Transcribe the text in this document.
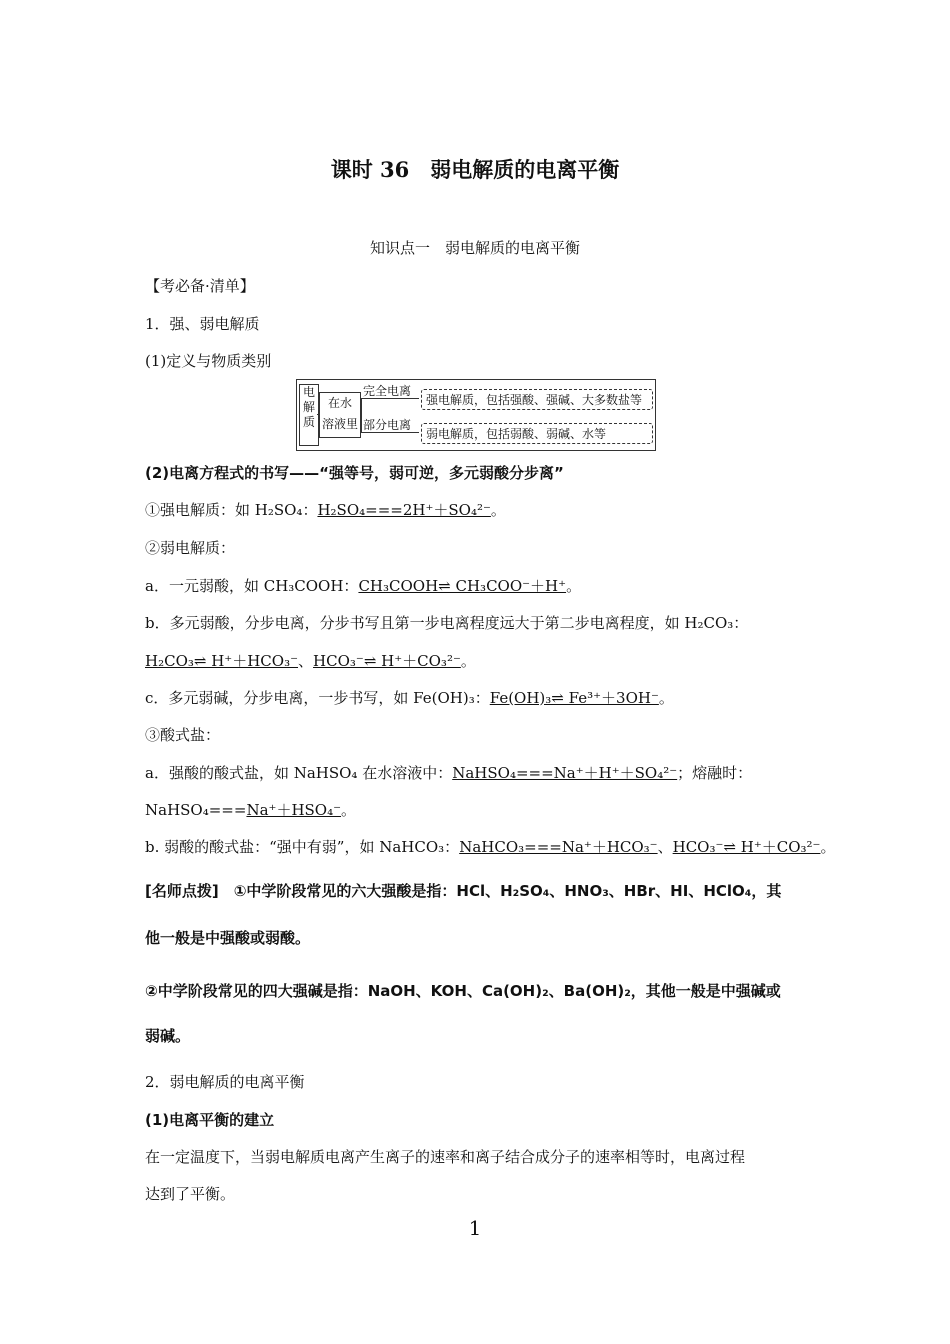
课时 36　弱电解质的电离平衡
知识点一　弱电解质的电离平衡
【考必备·清单】
1．强、弱电解质
(1)定义与物质类别
电解质
在水
溶液里
完全电离
部分电离
强电解质，包括强酸、强碱、大多数盐等
弱电解质，包括弱酸、弱碱、水等
(2)电离方程式的书写——“强等号，弱可逆，多元弱酸分步离”
①强电解质：如 H₂SO₄：H₂SO₄===2H⁺＋SO₄²⁻。
②弱电解质：
a．一元弱酸，如 CH₃COOH：CH₃COOH⇌ CH₃COO⁻＋H⁺。
b．多元弱酸，分步电离，分步书写且第一步电离程度远大于第二步电离程度，如 H₂CO₃：
H₂CO₃⇌ H⁺＋HCO₃⁻、HCO₃⁻⇌ H⁺＋CO₃²⁻。
c．多元弱碱，分步电离，一步书写，如 Fe(OH)₃：Fe(OH)₃⇌ Fe³⁺＋3OH⁻。
③酸式盐：
a．强酸的酸式盐，如 NaHSO₄ 在水溶液中：NaHSO₄===Na⁺＋H⁺＋SO₄²⁻；熔融时：
NaHSO₄===Na⁺＋HSO₄⁻。
b. 弱酸的酸式盐：“强中有弱”，如 NaHCO₃：NaHCO₃===Na⁺＋HCO₃⁻、HCO₃⁻⇌ H⁺＋CO₃²⁻。
[名师点拨]　①中学阶段常见的六大强酸是指：HCl、H₂SO₄、HNO₃、HBr、HI、HClO₄，其
他一般是中强酸或弱酸。
②中学阶段常见的四大强碱是指：NaOH、KOH、Ca(OH)₂、Ba(OH)₂，其他一般是中强碱或
弱碱。
2．弱电解质的电离平衡
(1)电离平衡的建立
在一定温度下，当弱电解质电离产生离子的速率和离子结合成分子的速率相等时，电离过程
达到了平衡。
1
